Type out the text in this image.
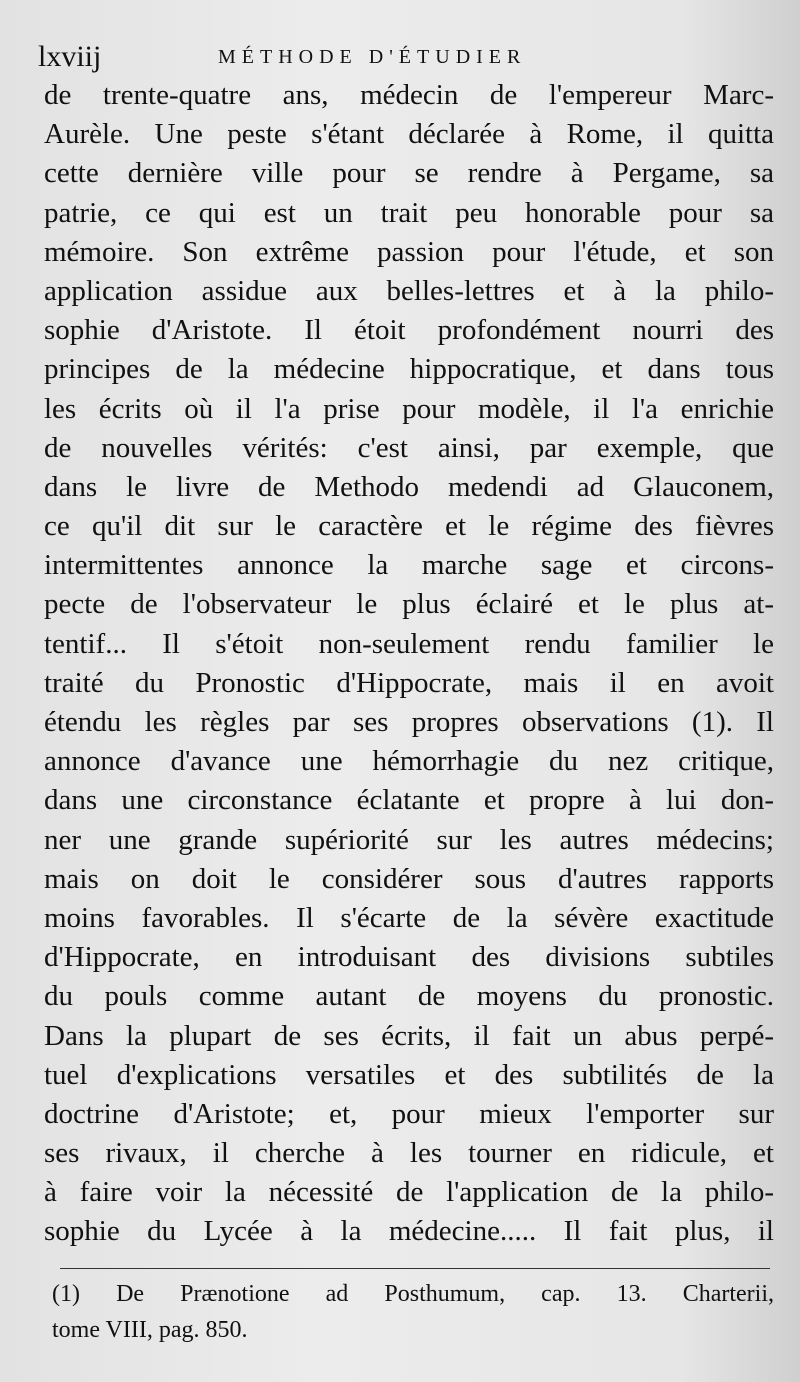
lxviij	MÉTHODE D'ÉTUDIER
de trente-quatre ans, médecin de l'empereur Marc-
Aurèle. Une peste s'étant déclarée à Rome, il quitta
cette dernière ville pour se rendre à Pergame, sa
patrie, ce qui est un trait peu honorable pour sa
mémoire. Son extrême passion pour l'étude, et son
application assidue aux belles-lettres et à la philo-
sophie d'Aristote. Il étoit profondément nourri des
principes de la médecine hippocratique, et dans tous
les écrits où il l'a prise pour modèle, il l'a enrichie
de nouvelles vérités: c'est ainsi, par exemple, que
dans le livre de Methodo medendi ad Glauconem,
ce qu'il dit sur le caractère et le régime des fièvres
intermittentes annonce la marche sage et circons-
pecte de l'observateur le plus éclairé et le plus at-
tentif... Il s'étoit non-seulement rendu familier le
traité du Pronostic d'Hippocrate, mais il en avoit
étendu les règles par ses propres observations (1). Il
annonce d'avance une hémorrhagie du nez critique,
dans une circonstance éclatante et propre à lui don-
ner une grande supériorité sur les autres médecins;
mais on doit le considérer sous d'autres rapports
moins favorables. Il s'écarte de la sévère exactitude
d'Hippocrate, en introduisant des divisions subtiles
du pouls comme autant de moyens du pronostic.
Dans la plupart de ses écrits, il fait un abus perpé-
tuel d'explications versatiles et des subtilités de la
doctrine d'Aristote; et, pour mieux l'emporter sur
ses rivaux, il cherche à les tourner en ridicule, et
à faire voir la nécessité de l'application de la philo-
sophie du Lycée à la médecine..... Il fait plus, il
(1) De Prænotione ad Posthumum, cap. 13. Charterii,
tome VIII, pag. 850.
